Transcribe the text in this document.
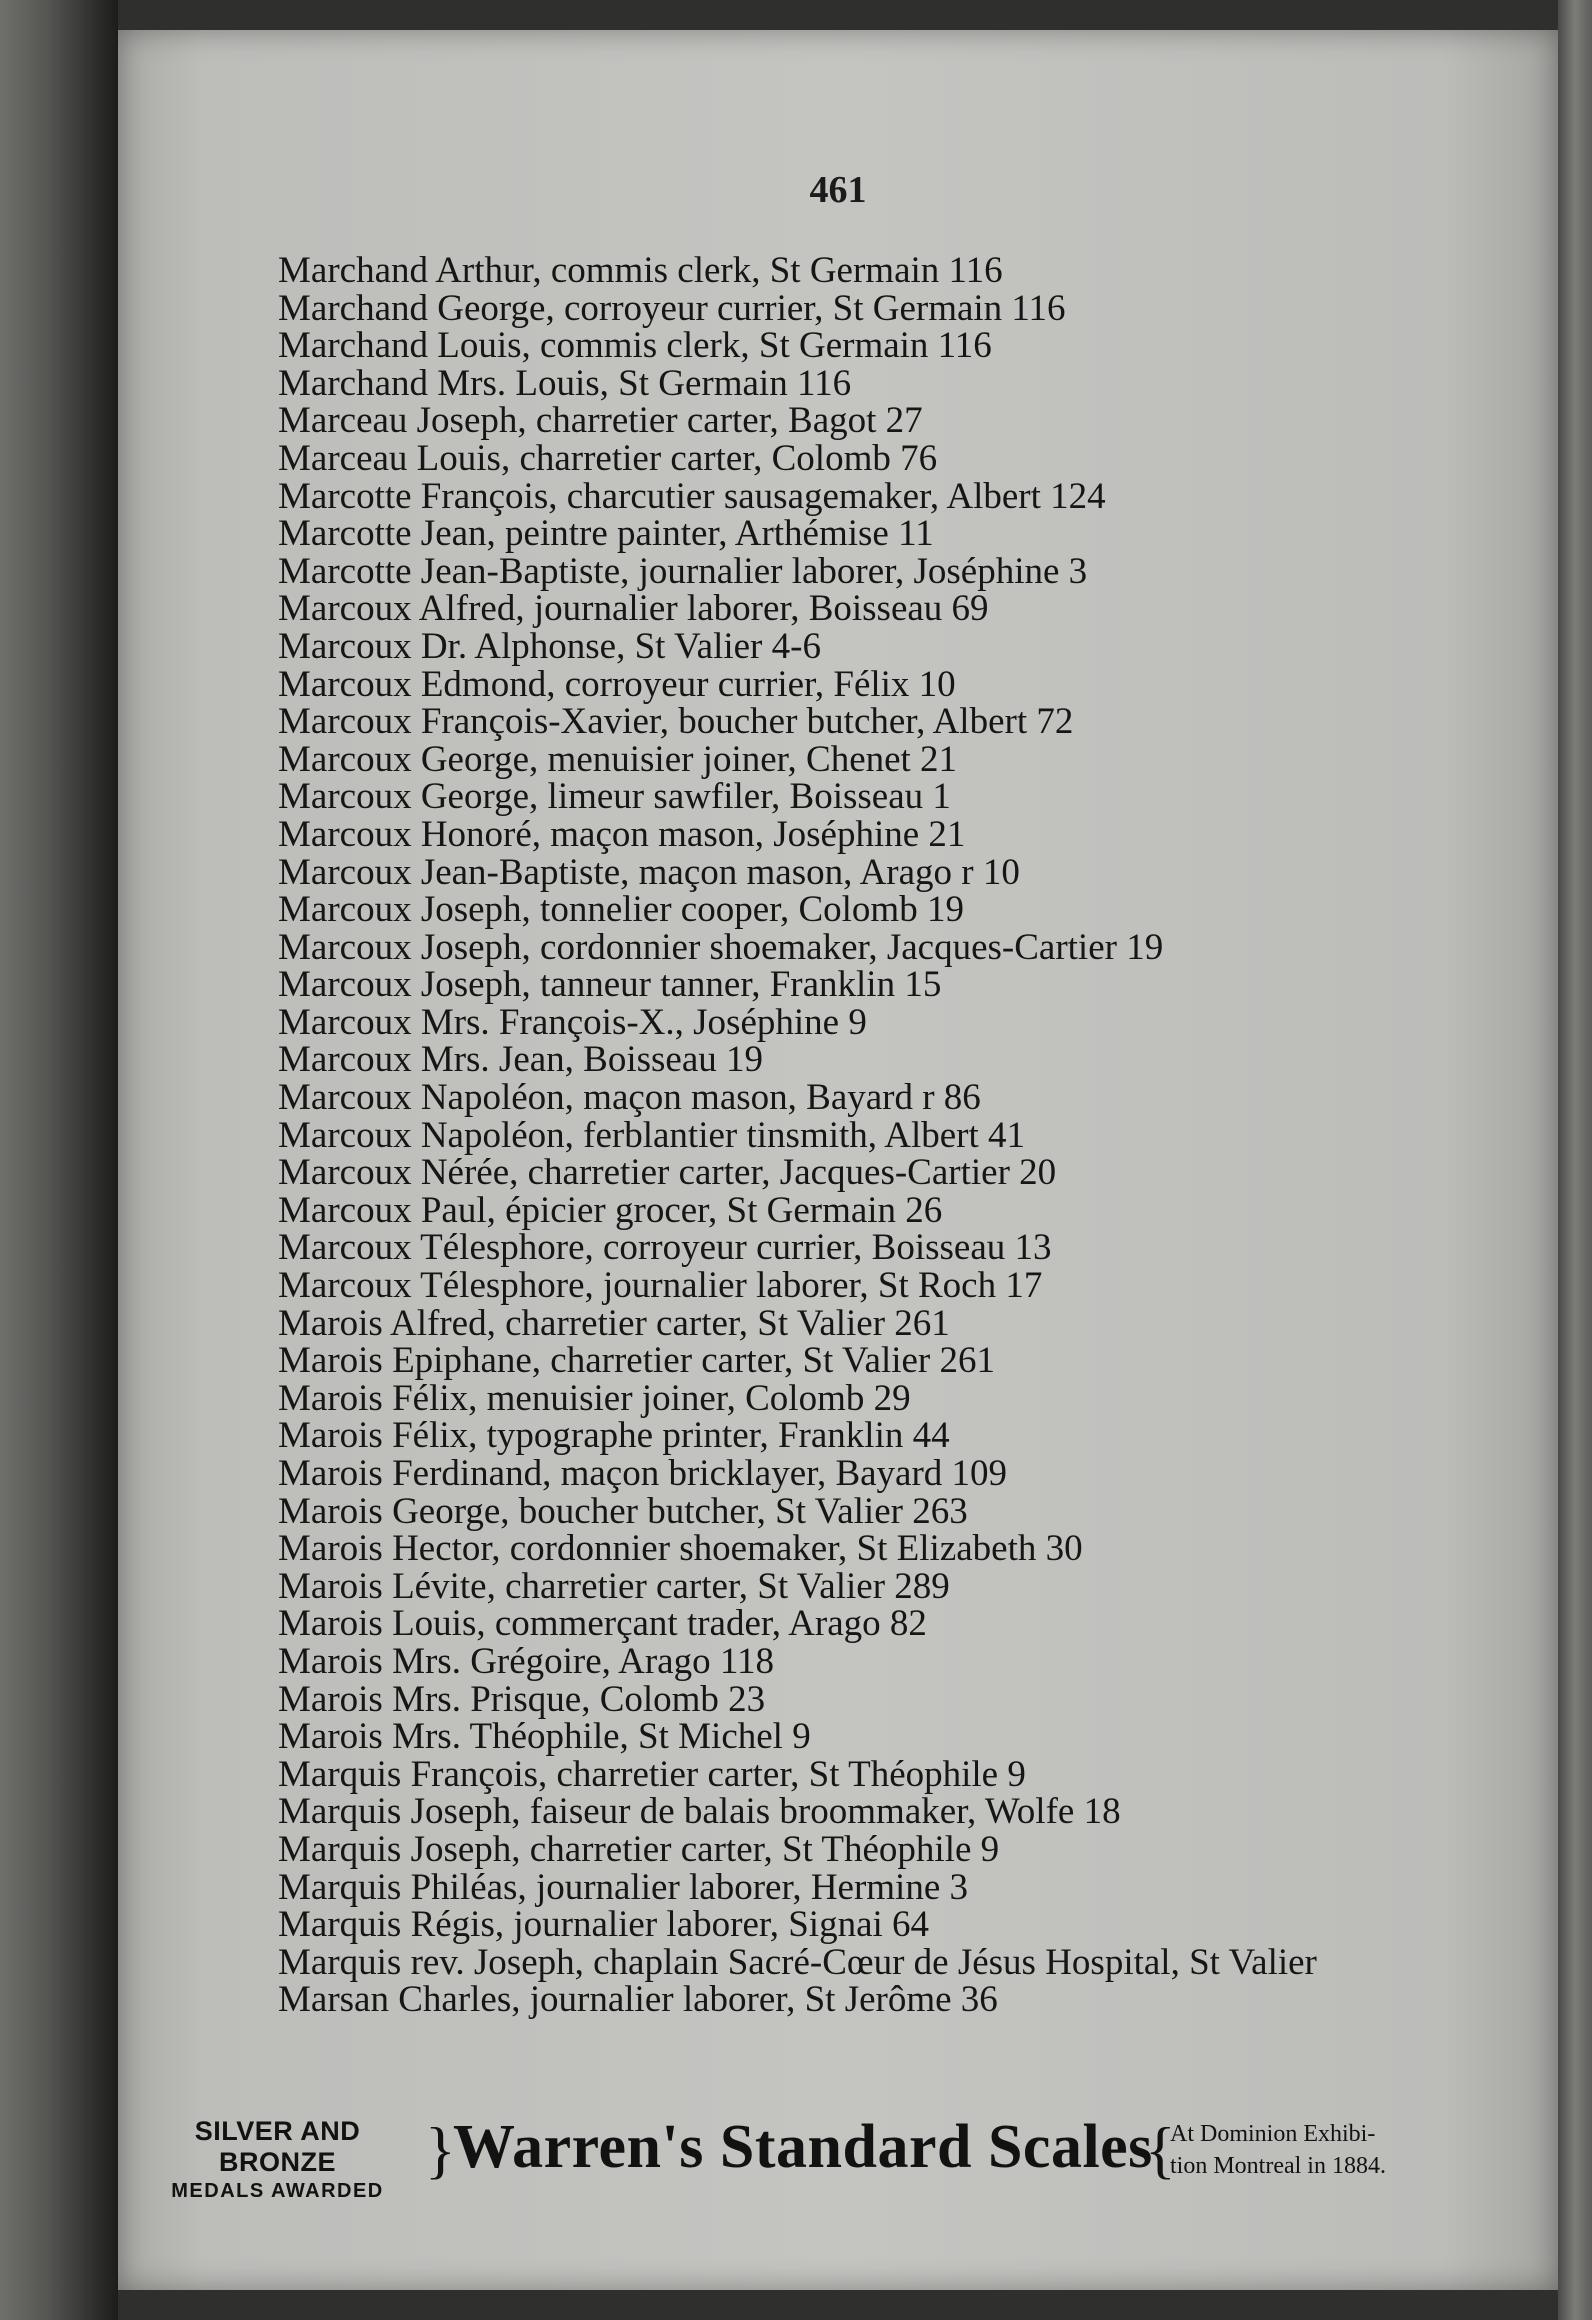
461
Marchand Arthur, commis clerk, St Germain 116
Marchand George, corroyeur currier, St Germain 116
Marchand Louis, commis clerk, St Germain 116
Marchand Mrs. Louis, St Germain 116
Marceau Joseph, charretier carter, Bagot 27
Marceau Louis, charretier carter, Colomb 76
Marcotte François, charcutier sausagemaker, Albert 124
Marcotte Jean, peintre painter, Arthémise 11
Marcotte Jean-Baptiste, journalier laborer, Joséphine 3
Marcoux Alfred, journalier laborer, Boisseau 69
Marcoux Dr. Alphonse, St Valier 4-6
Marcoux Edmond, corroyeur currier, Félix 10
Marcoux François-Xavier, boucher butcher, Albert 72
Marcoux George, menuisier joiner, Chenet 21
Marcoux George, limeur sawfiler, Boisseau 1
Marcoux Honoré, maçon mason, Joséphine 21
Marcoux Jean-Baptiste, maçon mason, Arago r 10
Marcoux Joseph, tonnelier cooper, Colomb 19
Marcoux Joseph, cordonnier shoemaker, Jacques-Cartier 19
Marcoux Joseph, tanneur tanner, Franklin 15
Marcoux Mrs. François-X., Joséphine 9
Marcoux Mrs. Jean, Boisseau 19
Marcoux Napoléon, maçon mason, Bayard r 86
Marcoux Napoléon, ferblantier tinsmith, Albert 41
Marcoux Nérée, charretier carter, Jacques-Cartier 20
Marcoux Paul, épicier grocer, St Germain 26
Marcoux Télesphore, corroyeur currier, Boisseau 13
Marcoux Télesphore, journalier laborer, St Roch 17
Marois Alfred, charretier carter, St Valier 261
Marois Epiphane, charretier carter, St Valier 261
Marois Félix, menuisier joiner, Colomb 29
Marois Félix, typographe printer, Franklin 44
Marois Ferdinand, maçon bricklayer, Bayard 109
Marois George, boucher butcher, St Valier 263
Marois Hector, cordonnier shoemaker, St Elizabeth 30
Marois Lévite, charretier carter, St Valier 289
Marois Louis, commerçant trader, Arago 82
Marois Mrs. Grégoire, Arago 118
Marois Mrs. Prisque, Colomb 23
Marois Mrs. Théophile, St Michel 9
Marquis François, charretier carter, St Théophile 9
Marquis Joseph, faiseur de balais broommaker, Wolfe 18
Marquis Joseph, charretier carter, St Théophile 9
Marquis Philéas, journalier laborer, Hermine 3
Marquis Régis, journalier laborer, Signai 64
Marquis rev. Joseph, chaplain Sacré-Cœur de Jésus Hospital, St Valier
Marsan Charles, journalier laborer, St Jerôme 36
SILVER AND BRONZE
MEDALS AWARDED
}
Warren's Standard Scales
{
At Dominion Exhibi-
tion Montreal in 1884.
